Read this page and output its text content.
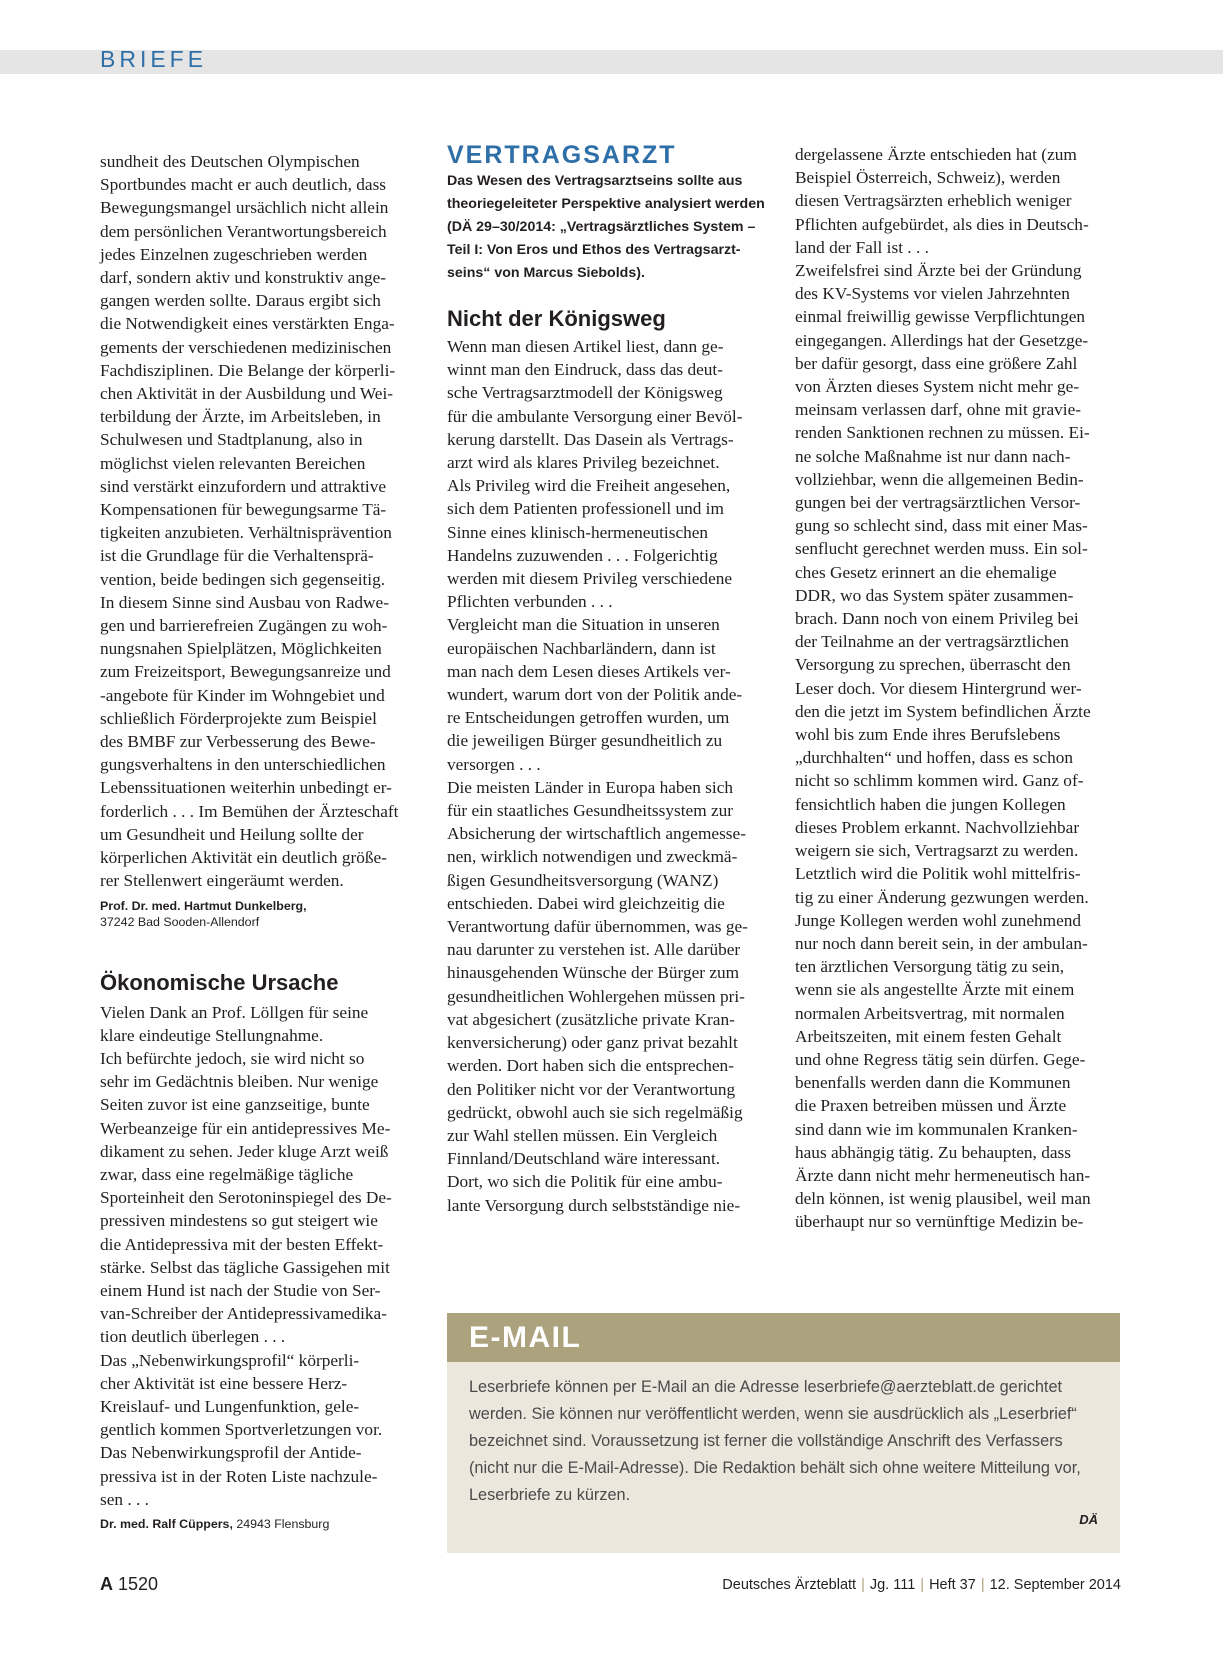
BRIEFE

sundheit des Deutschen Olympischen

Sportbundes macht er auch deutlich, dass

Bewegungsmangel ursächlich nicht allein

dem persönlichen Verantwortungsbereich

jedes Einzelnen zugeschrieben werden

darf, sondern aktiv und konstruktiv ange-

gangen werden sollte. Daraus ergibt sich

die Notwendigkeit eines verstärkten Enga-

gements der verschiedenen medizinischen

Fachdisziplinen. Die Belange der körperli-

chen Aktivität in der Ausbildung und Wei-

terbildung der Ärzte, im Arbeitsleben, in

Schulwesen und Stadtplanung, also in

möglichst vielen relevanten Bereichen

sind verstärkt einzufordern und attraktive

Kompensationen für bewegungsarme Tä-

tigkeiten anzubieten. Verhältnisprävention

ist die Grundlage für die Verhaltensprä-

vention, beide bedingen sich gegenseitig.

In diesem Sinne sind Ausbau von Radwe-

gen und barrierefreien Zugängen zu woh-

nungsnahen Spielplätzen, Möglichkeiten

zum Freizeitsport, Bewegungsanreize und

-angebote für Kinder im Wohngebiet und

schließlich Förderprojekte zum Beispiel

des BMBF zur Verbesserung des Bewe-

gungsverhaltens in den unterschiedlichen

Lebenssituationen weiterhin unbedingt er-

forderlich . . . Im Bemühen der Ärzteschaft

um Gesundheit und Heilung sollte der

körperlichen Aktivität ein deutlich größe-

rer Stellenwert eingeräumt werden.

Prof. Dr. med. Hartmut Dunkelberg,
37242 Bad Sooden-Allendorf
Ökonomische Ursache

Vielen Dank an Prof. Löllgen für seine

klare eindeutige Stellungnahme.

Ich befürchte jedoch, sie wird nicht so

sehr im Gedächtnis bleiben. Nur wenige

Seiten zuvor ist eine ganzseitige, bunte

Werbeanzeige für ein antidepressives Me-

dikament zu sehen. Jeder kluge Arzt weiß

zwar, dass eine regelmäßige tägliche

Sporteinheit den Serotoninspiegel des De-

pressiven mindestens so gut steigert wie

die Antidepressiva mit der besten Effekt-

stärke. Selbst das tägliche Gassigehen mit

einem Hund ist nach der Studie von Ser-

van-Schreiber der Antidepressivamedika-

tion deutlich überlegen . . .

Das „Nebenwirkungsprofil“ körperli-

cher Aktivität ist eine bessere Herz-

Kreislauf- und Lungenfunktion, gele-

gentlich kommen Sportverletzungen vor.

Das Nebenwirkungsprofil der Antide-

pressiva ist in der Roten Liste nachzule-

sen . . .

Dr. med. Ralf Cüppers, 24943 Flensburg
VERTRAGSARZT
Das Wesen des Vertragsarztseins sollte aus
theoriegeleiteter Perspektive analysiert werden
(DÄ 29–30/2014: „Vertragsärztliches System –
Teil I: Von Eros und Ethos des Vertragsarzt-
seins“ von Marcus Siebolds).
Nicht der Königsweg

Wenn man diesen Artikel liest, dann ge-

winnt man den Eindruck, dass das deut-

sche Vertragsarztmodell der Königsweg

für die ambulante Versorgung einer Bevöl-

kerung darstellt. Das Dasein als Vertrags-

arzt wird als klares Privileg bezeichnet.

Als Privileg wird die Freiheit angesehen,

sich dem Patienten professionell und im

Sinne eines klinisch-hermeneutischen

Handelns zuzuwenden . . . Folgerichtig

werden mit diesem Privileg verschiedene

Pflichten verbunden . . .

Vergleicht man die Situation in unseren

europäischen Nachbarländern, dann ist

man nach dem Lesen dieses Artikels ver-

wundert, warum dort von der Politik ande-

re Entscheidungen getroffen wurden, um

die jeweiligen Bürger gesundheitlich zu

versorgen . . .

Die meisten Länder in Europa haben sich

für ein staatliches Gesundheitssystem zur

Absicherung der wirtschaftlich angemesse-

nen, wirklich notwendigen und zweckmä-

ßigen Gesundheitsversorgung (WANZ)

entschieden. Dabei wird gleichzeitig die

Verantwortung dafür übernommen, was ge-

nau darunter zu verstehen ist. Alle darüber

hinausgehenden Wünsche der Bürger zum

gesundheitlichen Wohlergehen müssen pri-

vat abgesichert (zusätzliche private Kran-

kenversicherung) oder ganz privat bezahlt

werden. Dort haben sich die entsprechen-

den Politiker nicht vor der Verantwortung

gedrückt, obwohl auch sie sich regelmäßig

zur Wahl stellen müssen. Ein Vergleich

Finnland/Deutschland wäre interessant.

Dort, wo sich die Politik für eine ambu-

lante Versorgung durch selbstständige nie-

dergelassene Ärzte entschieden hat (zum

Beispiel Österreich, Schweiz), werden

diesen Vertragsärzten erheblich weniger

Pflichten aufgebürdet, als dies in Deutsch-

land der Fall ist . . .

Zweifelsfrei sind Ärzte bei der Gründung

des KV-Systems vor vielen Jahrzehnten

einmal freiwillig gewisse Verpflichtungen

eingegangen. Allerdings hat der Gesetzge-

ber dafür gesorgt, dass eine größere Zahl

von Ärzten dieses System nicht mehr ge-

meinsam verlassen darf, ohne mit gravie-

renden Sanktionen rechnen zu müssen. Ei-

ne solche Maßnahme ist nur dann nach-

vollziehbar, wenn die allgemeinen Bedin-

gungen bei der vertragsärztlichen Versor-

gung so schlecht sind, dass mit einer Mas-

senflucht gerechnet werden muss. Ein sol-

ches Gesetz erinnert an die ehemalige

DDR, wo das System später zusammen-

brach. Dann noch von einem Privileg bei

der Teilnahme an der vertragsärztlichen

Versorgung zu sprechen, überrascht den

Leser doch. Vor diesem Hintergrund wer-

den die jetzt im System befindlichen Ärzte

wohl bis zum Ende ihres Berufslebens

„durchhalten“ und hoffen, dass es schon

nicht so schlimm kommen wird. Ganz of-

fensichtlich haben die jungen Kollegen

dieses Problem erkannt. Nachvollziehbar

weigern sie sich, Vertragsarzt zu werden.

Letztlich wird die Politik wohl mittelfris-

tig zu einer Änderung gezwungen werden.

Junge Kollegen werden wohl zunehmend

nur noch dann bereit sein, in der ambulan-

ten ärztlichen Versorgung tätig zu sein,

wenn sie als angestellte Ärzte mit einem

normalen Arbeitsvertrag, mit normalen

Arbeitszeiten, mit einem festen Gehalt

und ohne Regress tätig sein dürfen. Gege-

benenfalls werden dann die Kommunen

die Praxen betreiben müssen und Ärzte

sind dann wie im kommunalen Kranken-

haus abhängig tätig. Zu behaupten, dass

Ärzte dann nicht mehr hermeneutisch han-

deln können, ist wenig plausibel, weil man

überhaupt nur so vernünftige Medizin be-

E-MAIL
Leserbriefe können per E-Mail an die Adresse leserbriefe@aerzteblatt.de gerichtet
werden. Sie können nur veröffentlicht werden, wenn sie ausdrücklich als „Leserbrief“
bezeichnet sind. Voraussetzung ist ferner die vollständige Anschrift des Verfassers
(nicht nur die E-Mail-Adresse). Die Redaktion behält sich ohne weitere Mitteilung vor,
Leserbriefe zu kürzen.
DÄ
A 1520	Deutsches Ärzteblatt | Jg. 111 | Heft 37 | 12. September 2014
